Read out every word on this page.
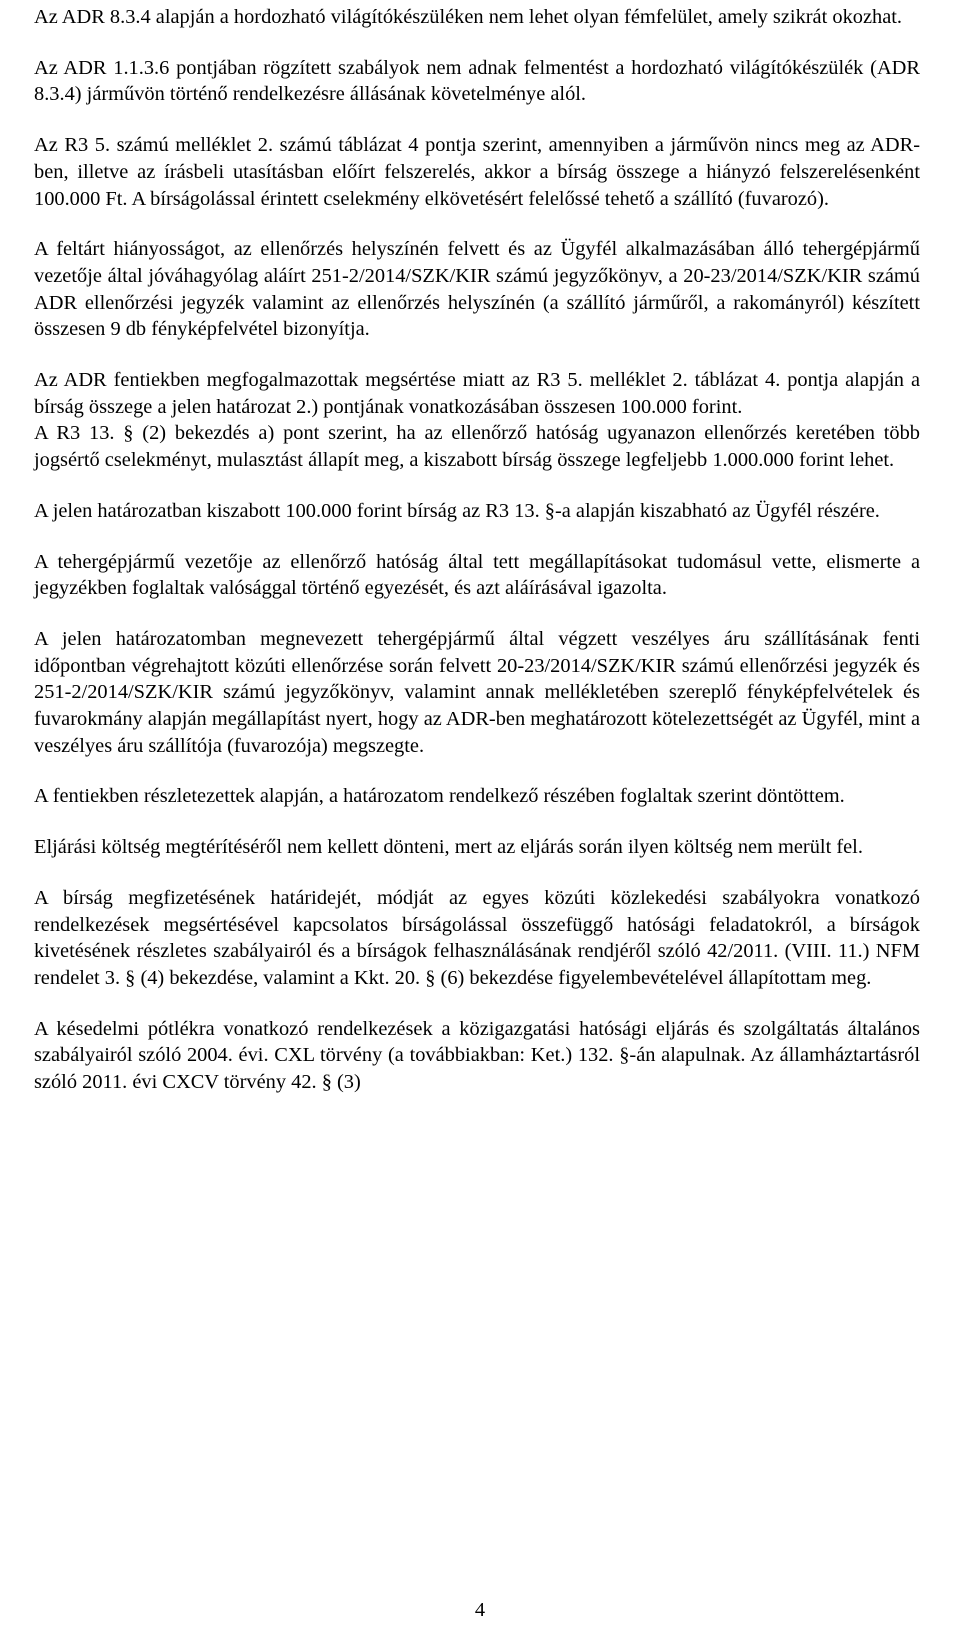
Az ADR 8.3.4 alapján a hordozható világítókészüléken nem lehet olyan fémfelület, amely szikrát okozhat.

Az ADR 1.1.3.6 pontjában rögzített szabályok nem adnak felmentést a hordozható világítókészülék (ADR 8.3.4) járművön történő rendelkezésre állásának követelménye alól.

Az R3 5. számú melléklet 2. számú táblázat 4 pontja szerint, amennyiben a járművön nincs meg az ADR-ben, illetve az írásbeli utasításban előírt felszerelés, akkor a bírság összege a hiányzó felszerelésenként 100.000 Ft. A bírságolással érintett cselekmény elkövetésért felelőssé tehető a szállító (fuvarozó).

A feltárt hiányosságot, az ellenőrzés helyszínén felvett és az Ügyfél alkalmazásában álló tehergépjármű vezetője által jóváhagyólag aláírt 251-2/2014/SZK/KIR számú jegyzőkönyv, a 20-23/2014/SZK/KIR számú ADR ellenőrzési jegyzék valamint az ellenőrzés helyszínén (a szállító járműről, a rakományról) készített összesen 9 db fényképfelvétel bizonyítja.

Az ADR fentiekben megfogalmazottak megsértése miatt az R3 5. melléklet 2. táblázat 4. pontja alapján a bírság összege a jelen határozat 2.) pontjának vonatkozásában összesen 100.000 forint.

A R3 13. § (2) bekezdés a) pont szerint, ha az ellenőrző hatóság ugyanazon ellenőrzés keretében több jogsértő cselekményt, mulasztást állapít meg, a kiszabott bírság összege legfeljebb 1.000.000 forint lehet.

A jelen határozatban kiszabott 100.000 forint bírság az R3 13. §-a alapján kiszabható az Ügyfél részére.

A tehergépjármű vezetője az ellenőrző hatóság által tett megállapításokat tudomásul vette, elismerte a jegyzékben foglaltak valósággal történő egyezését, és azt aláírásával igazolta.

A jelen határozatomban megnevezett tehergépjármű által végzett veszélyes áru szállításának fenti időpontban végrehajtott közúti ellenőrzése során felvett 20-23/2014/SZK/KIR számú ellenőrzési jegyzék és 251-2/2014/SZK/KIR számú jegyzőkönyv, valamint annak mellékletében szereplő fényképfelvételek és fuvarokmány alapján megállapítást nyert, hogy az ADR-ben meghatározott kötelezettségét az Ügyfél, mint a veszélyes áru szállítója (fuvarozója) megszegte.

A fentiekben részletezettek alapján, a határozatom rendelkező részében foglaltak szerint döntöttem.

Eljárási költség megtérítéséről nem kellett dönteni, mert az eljárás során ilyen költség nem merült fel.

A bírság megfizetésének határidejét, módját az egyes közúti közlekedési szabályokra vonatkozó rendelkezések megsértésével kapcsolatos bírságolással összefüggő hatósági feladatokról, a bírságok kivetésének részletes szabályairól és a bírságok felhasználásának rendjéről szóló 42/2011. (VIII. 11.) NFM rendelet 3. § (4) bekezdése, valamint a Kkt. 20. § (6) bekezdése figyelembevételével állapítottam meg.

A késedelmi pótlékra vonatkozó rendelkezések a közigazgatási hatósági eljárás és szolgáltatás általános szabályairól szóló 2004. évi. CXL törvény (a továbbiakban: Ket.) 132. §-án alapulnak. Az államháztartásról szóló 2011. évi CXCV törvény 42. § (3)

4
